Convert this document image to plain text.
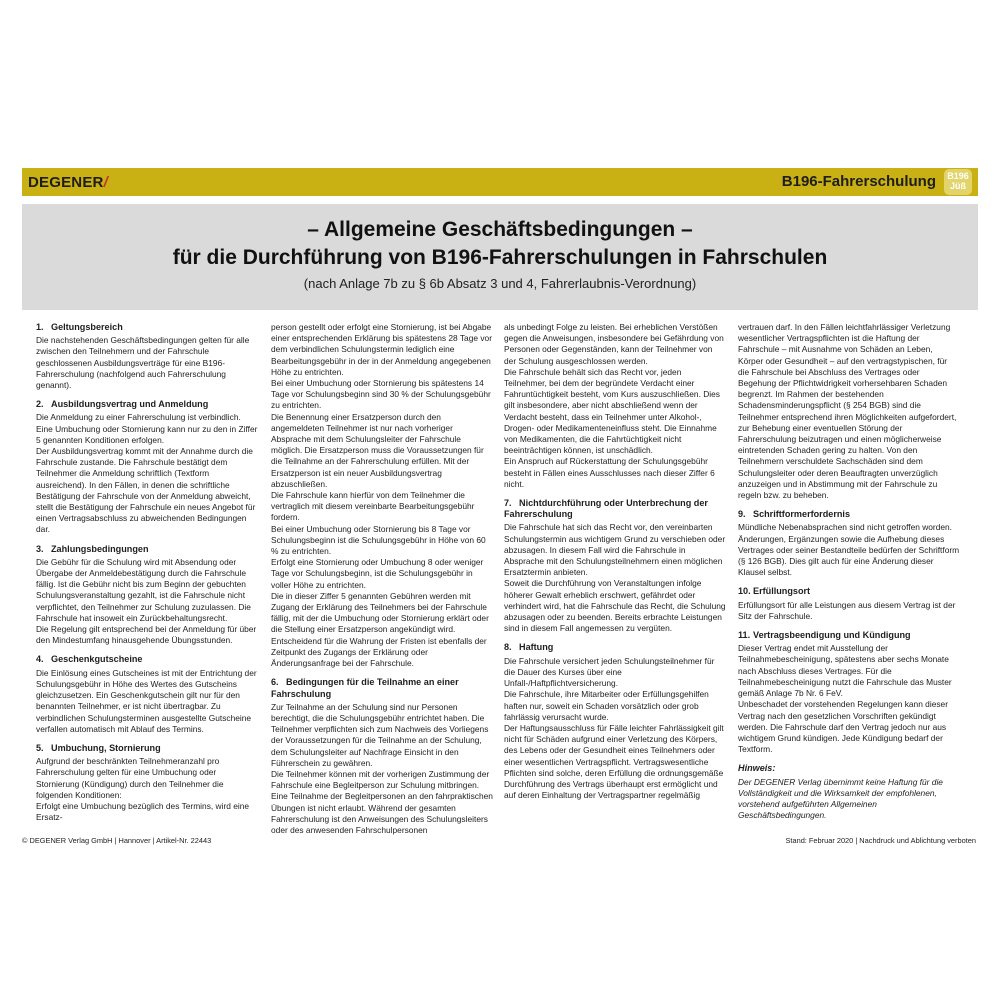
DEGENER/	B196-Fahrerschulung	B196
Jüß
– Allgemeine Geschäftsbedingungen –
für die Durchführung von B196-Fahrerschulungen in Fahrschulen
(nach Anlage 7b zu § 6b Absatz 3 und 4, Fahrerlaubnis-Verordnung)
1. Geltungsbereich

Die nachstehenden Geschäftsbedingungen gelten für alle zwischen den Teilnehmern und der Fahrschule geschlossenen Ausbildungsverträge für eine B196-Fahrerschulung (nachfolgend auch Fahrerschulung genannt).

2. Ausbildungsvertrag und Anmeldung

Die Anmeldung zu einer Fahrerschulung ist verbindlich. Eine Umbuchung oder Stornierung kann nur zu den in Ziffer 5 genannten Konditionen erfolgen.

Der Ausbildungsvertrag kommt mit der Annahme durch die Fahrschule zustande. Die Fahrschule bestätigt dem Teilnehmer die Anmeldung schriftlich (Textform ausreichend). In den Fällen, in denen die schriftliche Bestätigung der Fahrschule von der Anmeldung abweicht, stellt die Bestätigung der Fahrschule ein neues Angebot für einen Vertragsabschluss zu abweichenden Bedingungen dar.

3. Zahlungsbedingungen

Die Gebühr für die Schulung wird mit Absendung oder Übergabe der Anmeldebestätigung durch die Fahrschule fällig. Ist die Gebühr nicht bis zum Beginn der gebuchten Schulungsveranstaltung gezahlt, ist die Fahrschule nicht verpflichtet, den Teilnehmer zur Schulung zuzulassen. Die Fahrschule hat insoweit ein Zurückbehaltungsrecht.

Die Regelung gilt entsprechend bei der Anmeldung für über den Mindestumfang hinausgehende Übungsstunden.

4. Geschenkgutscheine

Die Einlösung eines Gutscheines ist mit der Entrichtung der Schulungsgebühr in Höhe des Wertes des Gutscheins gleichzusetzen. Ein Geschenkgutschein gilt nur für den benannten Teilnehmer, er ist nicht übertragbar. Zu verbindlichen Schulungsterminen ausgestellte Gutscheine verfallen automatisch mit Ablauf des Termins.

5. Umbuchung, Stornierung

Aufgrund der beschränkten Teilnehmeranzahl pro Fahrerschulung gelten für eine Umbuchung oder Stornierung (Kündigung) durch den Teilnehmer die folgenden Konditionen:

Erfolgt eine Umbuchung bezüglich des Termins, wird eine Ersatz-

person gestellt oder erfolgt eine Stornierung, ist bei Abgabe einer entsprechenden Erklärung bis spätestens 28 Tage vor dem verbindlichen Schulungstermin lediglich eine Bearbeitungsgebühr in der in der Anmeldung angegebenen Höhe zu entrichten.

Bei einer Umbuchung oder Stornierung bis spätestens 14 Tage vor Schulungsbeginn sind 30 % der Schulungsgebühr zu entrichten.

Die Benennung einer Ersatzperson durch den angemeldeten Teilnehmer ist nur nach vorheriger Absprache mit dem Schulungsleiter der Fahrschule möglich. Die Ersatzperson muss die Voraussetzungen für die Teilnahme an der Fahrerschulung erfüllen. Mit der Ersatzperson ist ein neuer Ausbildungsvertrag abzuschließen.

Die Fahrschule kann hierfür von dem Teilnehmer die vertraglich mit diesem vereinbarte Bearbeitungsgebühr fordern.

Bei einer Umbuchung oder Stornierung bis 8 Tage vor Schulungsbeginn ist die Schulungsgebühr in Höhe von 60 % zu entrichten.

Erfolgt eine Stornierung oder Umbuchung 8 oder weniger Tage vor Schulungsbeginn, ist die Schulungsgebühr in voller Höhe zu entrichten.

Die in dieser Ziffer 5 genannten Gebühren werden mit Zugang der Erklärung des Teilnehmers bei der Fahrschule fällig, mit der die Umbuchung oder Stornierung erklärt oder die Stellung einer Ersatzperson angekündigt wird.

Entscheidend für die Wahrung der Fristen ist ebenfalls der Zeitpunkt des Zugangs der Erklärung oder Änderungsanfrage bei der Fahrschule.

6. Bedingungen für die Teilnahme an einer Fahrschulung

Zur Teilnahme an der Schulung sind nur Personen berechtigt, die die Schulungsgebühr entrichtet haben. Die Teilnehmer verpflichten sich zum Nachweis des Vorliegens der Voraussetzungen für die Teilnahme an der Schulung, dem Schulungsleiter auf Nachfrage Einsicht in den Führerschein zu gewähren.

Die Teilnehmer können mit der vorherigen Zustimmung der Fahrschule eine Begleitperson zur Schulung mitbringen. Eine Teilnahme der Begleitpersonen an den fahrpraktischen Übungen ist nicht erlaubt. Während der gesamten Fahrerschulung ist den Anweisungen des Schulungsleiters oder des anwesenden Fahrschulpersonen

als unbedingt Folge zu leisten. Bei erheblichen Verstößen gegen die Anweisungen, insbesondere bei Gefährdung von Personen oder Gegenständen, kann der Teilnehmer von der Schulung ausgeschlossen werden.

Die Fahrschule behält sich das Recht vor, jeden Teilnehmer, bei dem der begründete Verdacht einer Fahruntüchtigkeit besteht, vom Kurs auszuschließen. Dies gilt insbesondere, aber nicht abschließend wenn der Verdacht besteht, dass ein Teilnehmer unter Alkohol-, Drogen- oder Medikamenteneinfluss steht. Die Einnahme von Medikamenten, die die Fahrtüchtigkeit nicht beeinträchtigen können, ist unschädlich.

Ein Anspruch auf Rückerstattung der Schulungsgebühr besteht in Fällen eines Ausschlusses nach dieser Ziffer 6 nicht.

7. Nichtdurchführung oder Unterbrechung der Fahrerschulung

Die Fahrschule hat sich das Recht vor, den vereinbarten Schulungstermin aus wichtigem Grund zu verschieben oder abzusagen. In diesem Fall wird die Fahrschule in Absprache mit den Schulungsteilnehmern einen möglichen Ersatztermin anbieten.

Soweit die Durchführung von Veranstaltungen infolge höherer Gewalt erheblich erschwert, gefährdet oder verhindert wird, hat die Fahrschule das Recht, die Schulung abzusagen oder zu beenden. Bereits erbrachte Leistungen sind in diesem Fall angemessen zu vergüten.

8. Haftung

Die Fahrschule versichert jeden Schulungsteilnehmer für die Dauer des Kurses über eine Unfall-/Haftpflichtversicherung.

Die Fahrschule, ihre Mitarbeiter oder Erfüllungsgehilfen haften nur, soweit ein Schaden vorsätzlich oder grob fahrlässig verursacht wurde.

Der Haftungsausschluss für Fälle leichter Fahrlässigkeit gilt nicht für Schäden aufgrund einer Verletzung des Körpers, des Lebens oder der Gesundheit eines Teilnehmers oder einer wesentlichen Vertragspflicht. Vertragswesentliche Pflichten sind solche, deren Erfüllung die ordnungsgemäße Durchführung des Vertrags überhaupt erst ermöglicht und auf deren Einhaltung der Vertragspartner regelmäßig

vertrauen darf. In den Fällen leichtfahrlässiger Verletzung wesentlicher Vertragspflichten ist die Haftung der Fahrschule – mit Ausnahme von Schäden an Leben, Körper oder Gesundheit – auf den vertragstypischen, für die Fahrschule bei Abschluss des Vertrages oder Begehung der Pflichtwidrigkeit vorhersehbaren Schaden begrenzt. Im Rahmen der bestehenden Schadensminderungspflicht (§ 254 BGB) sind die Teilnehmer entsprechend ihren Möglichkeiten aufgefordert, zur Behebung einer eventuellen Störung der Fahrerschulung beizutragen und einen möglicherweise eintretenden Schaden gering zu halten. Von den Teilnehmern verschuldete Sachschäden sind dem Schulungsleiter oder deren Beauftragten unverzüglich anzuzeigen und in Abstimmung mit der Fahrschule zu regeln bzw. zu beheben.

9. Schriftformerfordernis

Mündliche Nebenabsprachen sind nicht getroffen worden. Änderungen, Ergänzungen sowie die Aufhebung dieses Vertrages oder seiner Bestandteile bedürfen der Schriftform (§ 126 BGB). Dies gilt auch für eine Änderung dieser Klausel selbst.

10. Erfüllungsort

Erfüllungsort für alle Leistungen aus diesem Vertrag ist der Sitz der Fahrschule.

11. Vertragsbeendigung und Kündigung

Dieser Vertrag endet mit Ausstellung der Teilnahmebescheinigung, spätestens aber sechs Monate nach Abschluss dieses Vertrages. Für die Teilnahmebescheinigung nutzt die Fahrschule das Muster gemäß Anlage 7b Nr. 6 FeV.

Unbeschadet der vorstehenden Regelungen kann dieser Vertrag nach den gesetzlichen Vorschriften gekündigt werden. Die Fahrschule darf den Vertrag jedoch nur aus wichtigem Grund kündigen. Jede Kündigung bedarf der Textform.

Hinweis:

Der DEGENER Verlag übernimmt keine Haftung für die Vollständigkeit und die Wirksamkeit der empfohlenen, vorstehend aufgeführten Allgemeinen Geschäftsbedingungen.

© DEGENER Verlag GmbH | Hannover | Artikel-Nr. 22443	Stand: Februar 2020 | Nachdruck und Ablichtung verboten
